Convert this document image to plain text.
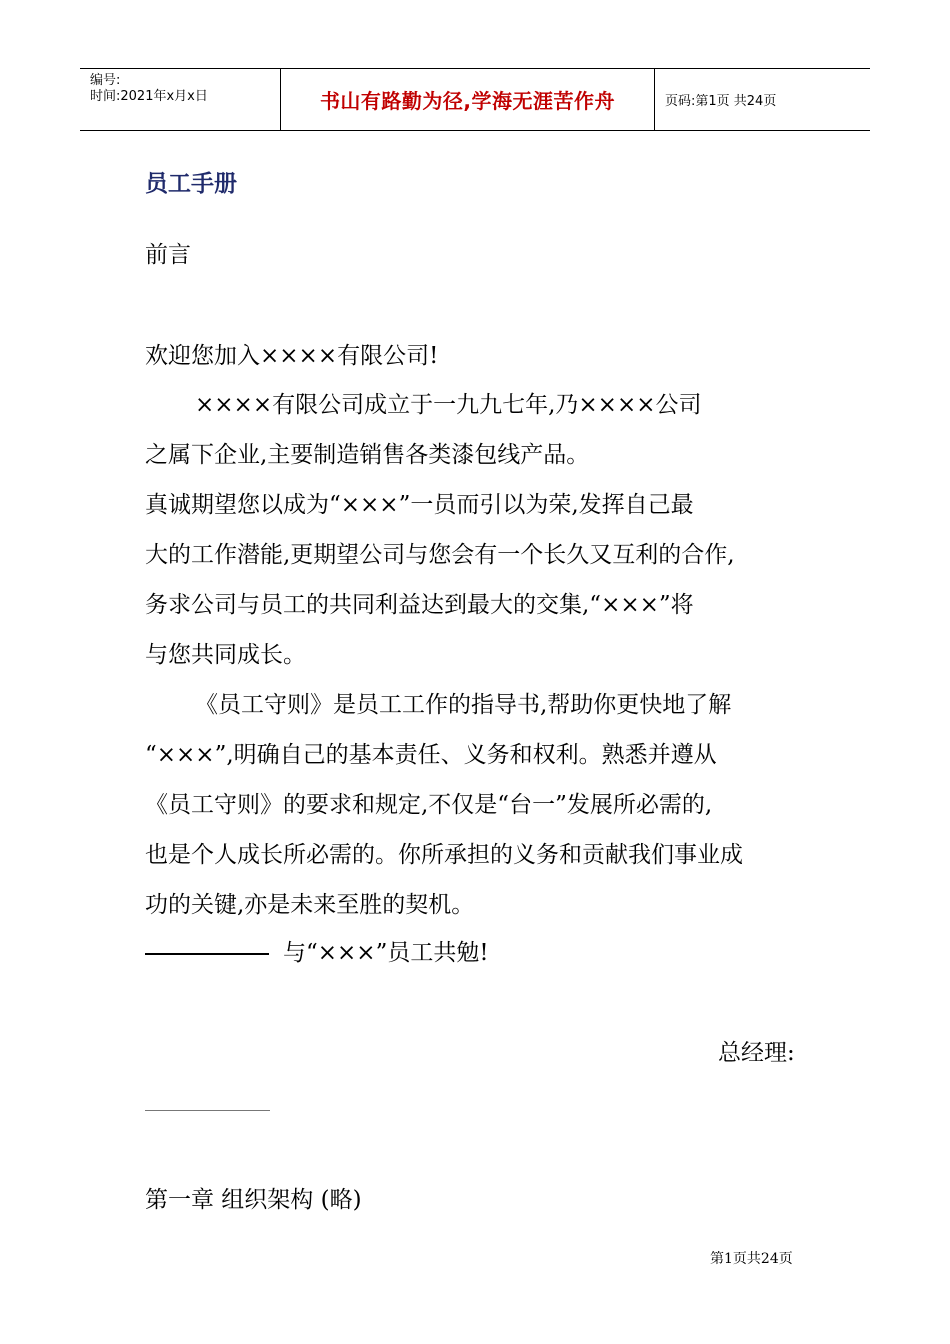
编号:
时间:2021年x月x日	书山有路勤为径,学海无涯苦作舟	页码:第1页 共24页
员工手册
前言
欢迎您加入××××有限公司!
××××有限公司成立于一九九七年,乃××××公司
之属下企业,主要制造销售各类漆包线产品。
真诚期望您以成为“×××”一员而引以为荣,发挥自己最
大的工作潜能,更期望公司与您会有一个长久又互利的合作,
务求公司与员工的共同利益达到最大的交集,“×××”将
与您共同成长。
《员工守则》是员工工作的指导书,帮助你更快地了解
“×××”,明确自己的基本责任、义务和权利。熟悉并遵从
《员工守则》的要求和规定,不仅是“台一”发展所必需的,
也是个人成长所必需的。你所承担的义务和贡献我们事业成
功的关键,亦是未来至胜的契机。
与“×××”员工共勉!
总经理:
第一章 组织架构 (略)
第1页共24页
